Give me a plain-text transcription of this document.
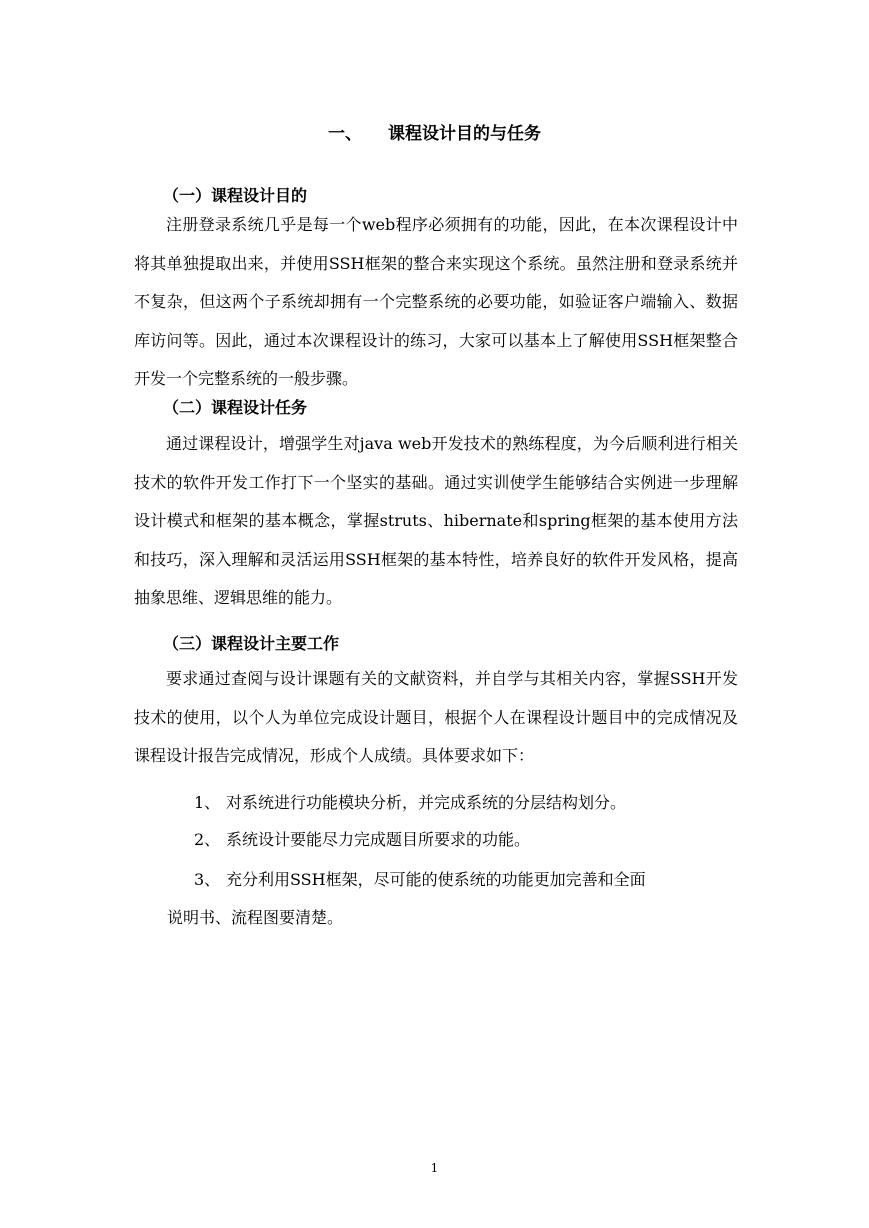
一、 课程设计目的与任务
（一）课程设计目的
注册登录系统几乎是每一个web程序必须拥有的功能，因此，在本次课程设计中将其单独提取出来，并使用SSH框架的整合来实现这个系统。虽然注册和登录系统并不复杂，但这两个子系统却拥有一个完整系统的必要功能，如验证客户端输入、数据库访问等。因此，通过本次课程设计的练习，大家可以基本上了解使用SSH框架整合开发一个完整系统的一般步骤。
（二）课程设计任务
通过课程设计，增强学生对java web开发技术的熟练程度，为今后顺利进行相关技术的软件开发工作打下一个坚实的基础。通过实训使学生能够结合实例进一步理解设计模式和框架的基本概念，掌握struts、hibernate和spring框架的基本使用方法和技巧，深入理解和灵活运用SSH框架的基本特性，培养良好的软件开发风格，提高抽象思维、逻辑思维的能力。
（三）课程设计主要工作
要求通过查阅与设计课题有关的文献资料，并自学与其相关内容，掌握SSH开发技术的使用，以个人为单位完成设计题目，根据个人在课程设计题目中的完成情况及课程设计报告完成情况，形成个人成绩。具体要求如下：
1、 对系统进行功能模块分析，并完成系统的分层结构划分。
2、 系统设计要能尽力完成题目所要求的功能。
3、 充分利用SSH框架，尽可能的使系统的功能更加完善和全面
说明书、流程图要清楚。
1
